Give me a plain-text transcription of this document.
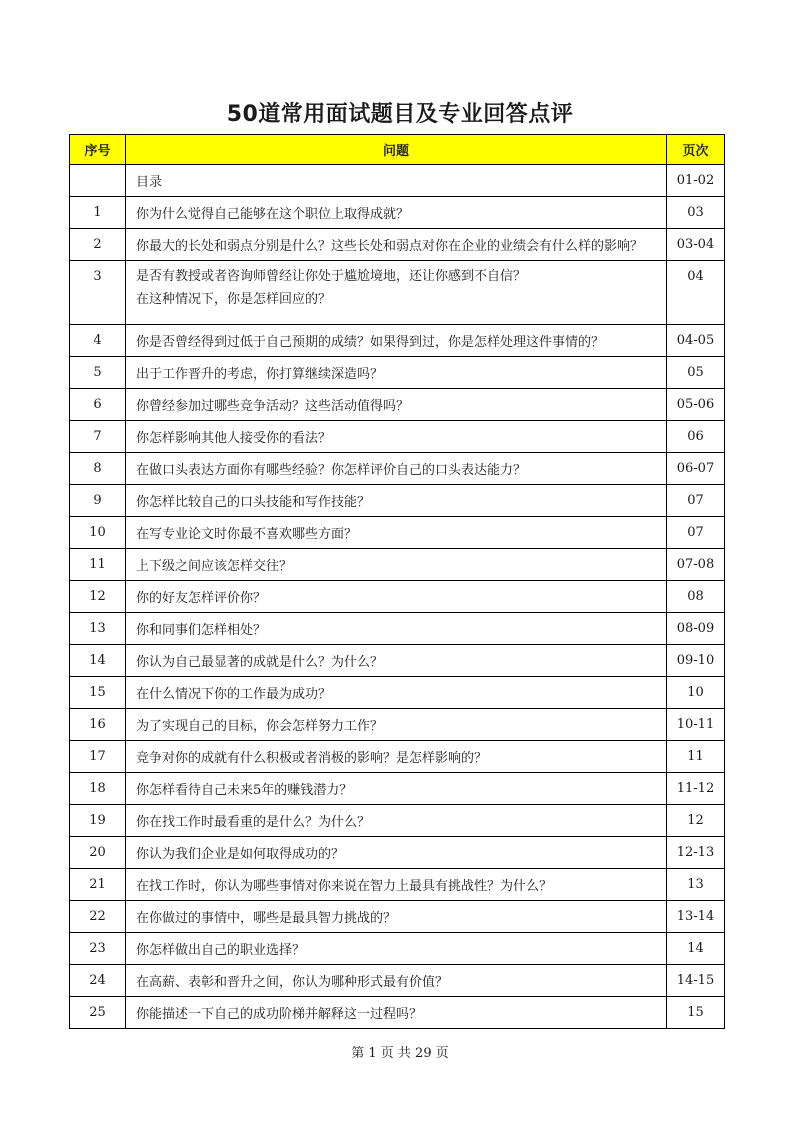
50道常用面试题目及专业回答点评
序号	问题	页次
	目录	01-02
1	你为什么觉得自己能够在这个职位上取得成就？	03
2	你最大的长处和弱点分别是什么？这些长处和弱点对你在企业的业绩会有什么样的影响？	03-04
3	是否有教授或者咨询师曾经让你处于尴尬境地，还让你感到不自信？
在这种情况下，你是怎样回应的？	04
4	你是否曾经得到过低于自己预期的成绩？如果得到过，你是怎样处理这件事情的？	04-05
5	出于工作晋升的考虑，你打算继续深造吗？	05
6	你曾经参加过哪些竞争活动？这些活动值得吗？	05-06
7	你怎样影响其他人接受你的看法？	06
8	在做口头表达方面你有哪些经验？你怎样评价自己的口头表达能力？	06-07
9	你怎样比较自己的口头技能和写作技能？	07
10	在写专业论文时你最不喜欢哪些方面？	07
11	上下级之间应该怎样交往？	07-08
12	你的好友怎样评价你？	08
13	你和同事们怎样相处？	08-09
14	你认为自己最显著的成就是什么？为什么？	09-10
15	在什么情况下你的工作最为成功？	10
16	为了实现自己的目标，你会怎样努力工作？	10-11
17	竞争对你的成就有什么积极或者消极的影响？是怎样影响的？	11
18	你怎样看待自己未来5年的赚钱潜力？	11-12
19	你在找工作时最看重的是什么？为什么？	12
20	你认为我们企业是如何取得成功的？	12-13
21	在找工作时，你认为哪些事情对你来说在智力上最具有挑战性？为什么？	13
22	在你做过的事情中，哪些是最具智力挑战的？	13-14
23	你怎样做出自己的职业选择？	14
24	在高薪、表彰和晋升之间，你认为哪种形式最有价值？	14-15
25	你能描述一下自己的成功阶梯并解释这一过程吗？	15
第 1 页 共 29 页
